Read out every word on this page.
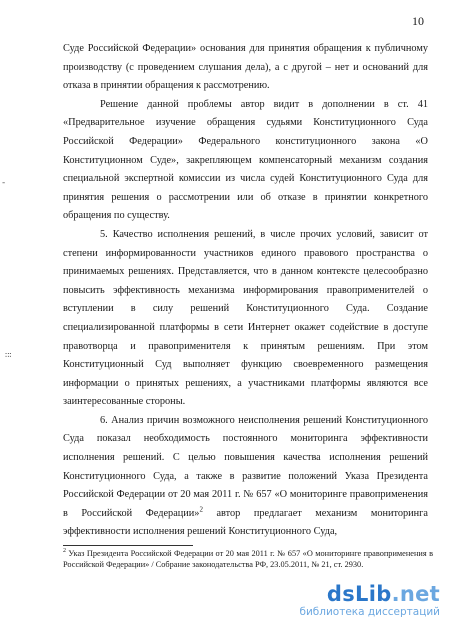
10
-
⁝⁝

Суде Российской Федерации» основания для принятия обращения к публичному производству (с проведением слушания дела), а с другой – нет и оснований для отказа в принятии обращения к рассмотрению.

Решение данной проблемы автор видит в дополнении в ст. 41 «Предварительное изучение обращения судьями Конституционного Суда Российской Федерации» Федерального конституционного закона «О Конституционном Суде», закрепляющем компенсаторный механизм создания специальной экспертной комиссии из числа судей Конституционного Суда для принятия решения о рассмотрении или об отказе в принятии конкретного обращения по существу.

5. Качество исполнения решений, в числе прочих условий, зависит от степени информированности участников единого правового пространства о принимаемых решениях. Представляется, что в данном контексте целесообразно повысить эффективность механизма информирования правоприменителей о вступлении в силу решений Конституционного Суда. Создание специализированной платформы в сети Интернет окажет содействие в доступе правотворца и правоприменителя к принятым решениям. При этом Конституционный Суд выполняет функцию своевременного размещения информации о принятых решениях, а участниками платформы являются все заинтересованные стороны.

6. Анализ причин возможного неисполнения решений Конституционного Суда показал необходимость постоянного мониторинга эффективности исполнения решений. С целью повышения качества исполнения решений Конституционного Суда, а также в развитие положений Указа Президента Российской Федерации от 20 мая 2011 г. № 657 «О мониторинге правоприменения в Российской Федерации»$^2$ автор предлагает механизм мониторинга эффективности исполнения решений Конституционного Суда,

$^2$ Указ Президента Российской Федерации от 20 мая 2011 г. № 657 «О мониторинге правоприменения в Российской Федерации» / Собрание законодательства РФ, 23.05.2011, № 21, ст. 2930.
dsLib.net
библиотека диссертаций
